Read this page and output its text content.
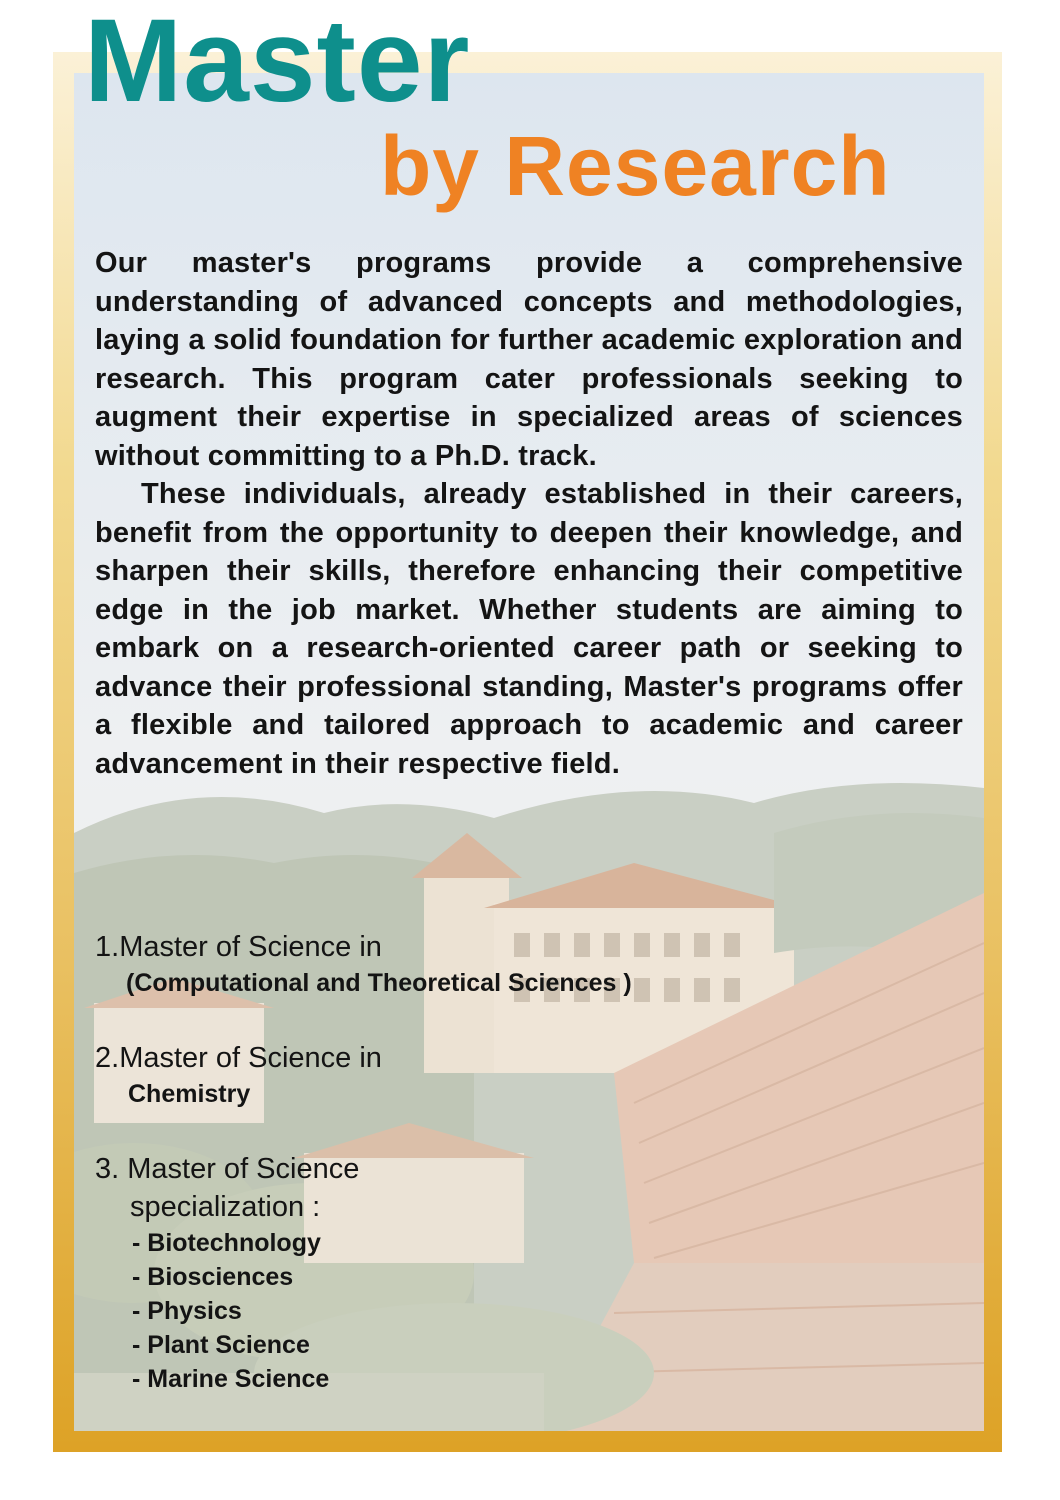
Master
by Research

Our master's programs provide a comprehensive understanding of advanced concepts and methodologies, laying a solid foundation for further academic exploration and research. This program cater professionals seeking to augment their expertise in specialized areas of sciences without committing to a Ph.D. track.

These individuals, already established in their careers, benefit from the opportunity to deepen their knowledge, and sharpen their skills, therefore enhancing their competitive edge in the job market. Whether students are aiming to embark on a research-oriented career path or seeking to advance their professional standing, Master's programs offer a flexible and tailored approach to academic and career advancement in their respective field.

1.Master of Science in
(Computational and Theoretical Sciences )
2.Master of Science in
Chemistry
3. Master of Science
specialization :
- Biotechnology
- Biosciences
- Physics
- Plant Science
- Marine Science
